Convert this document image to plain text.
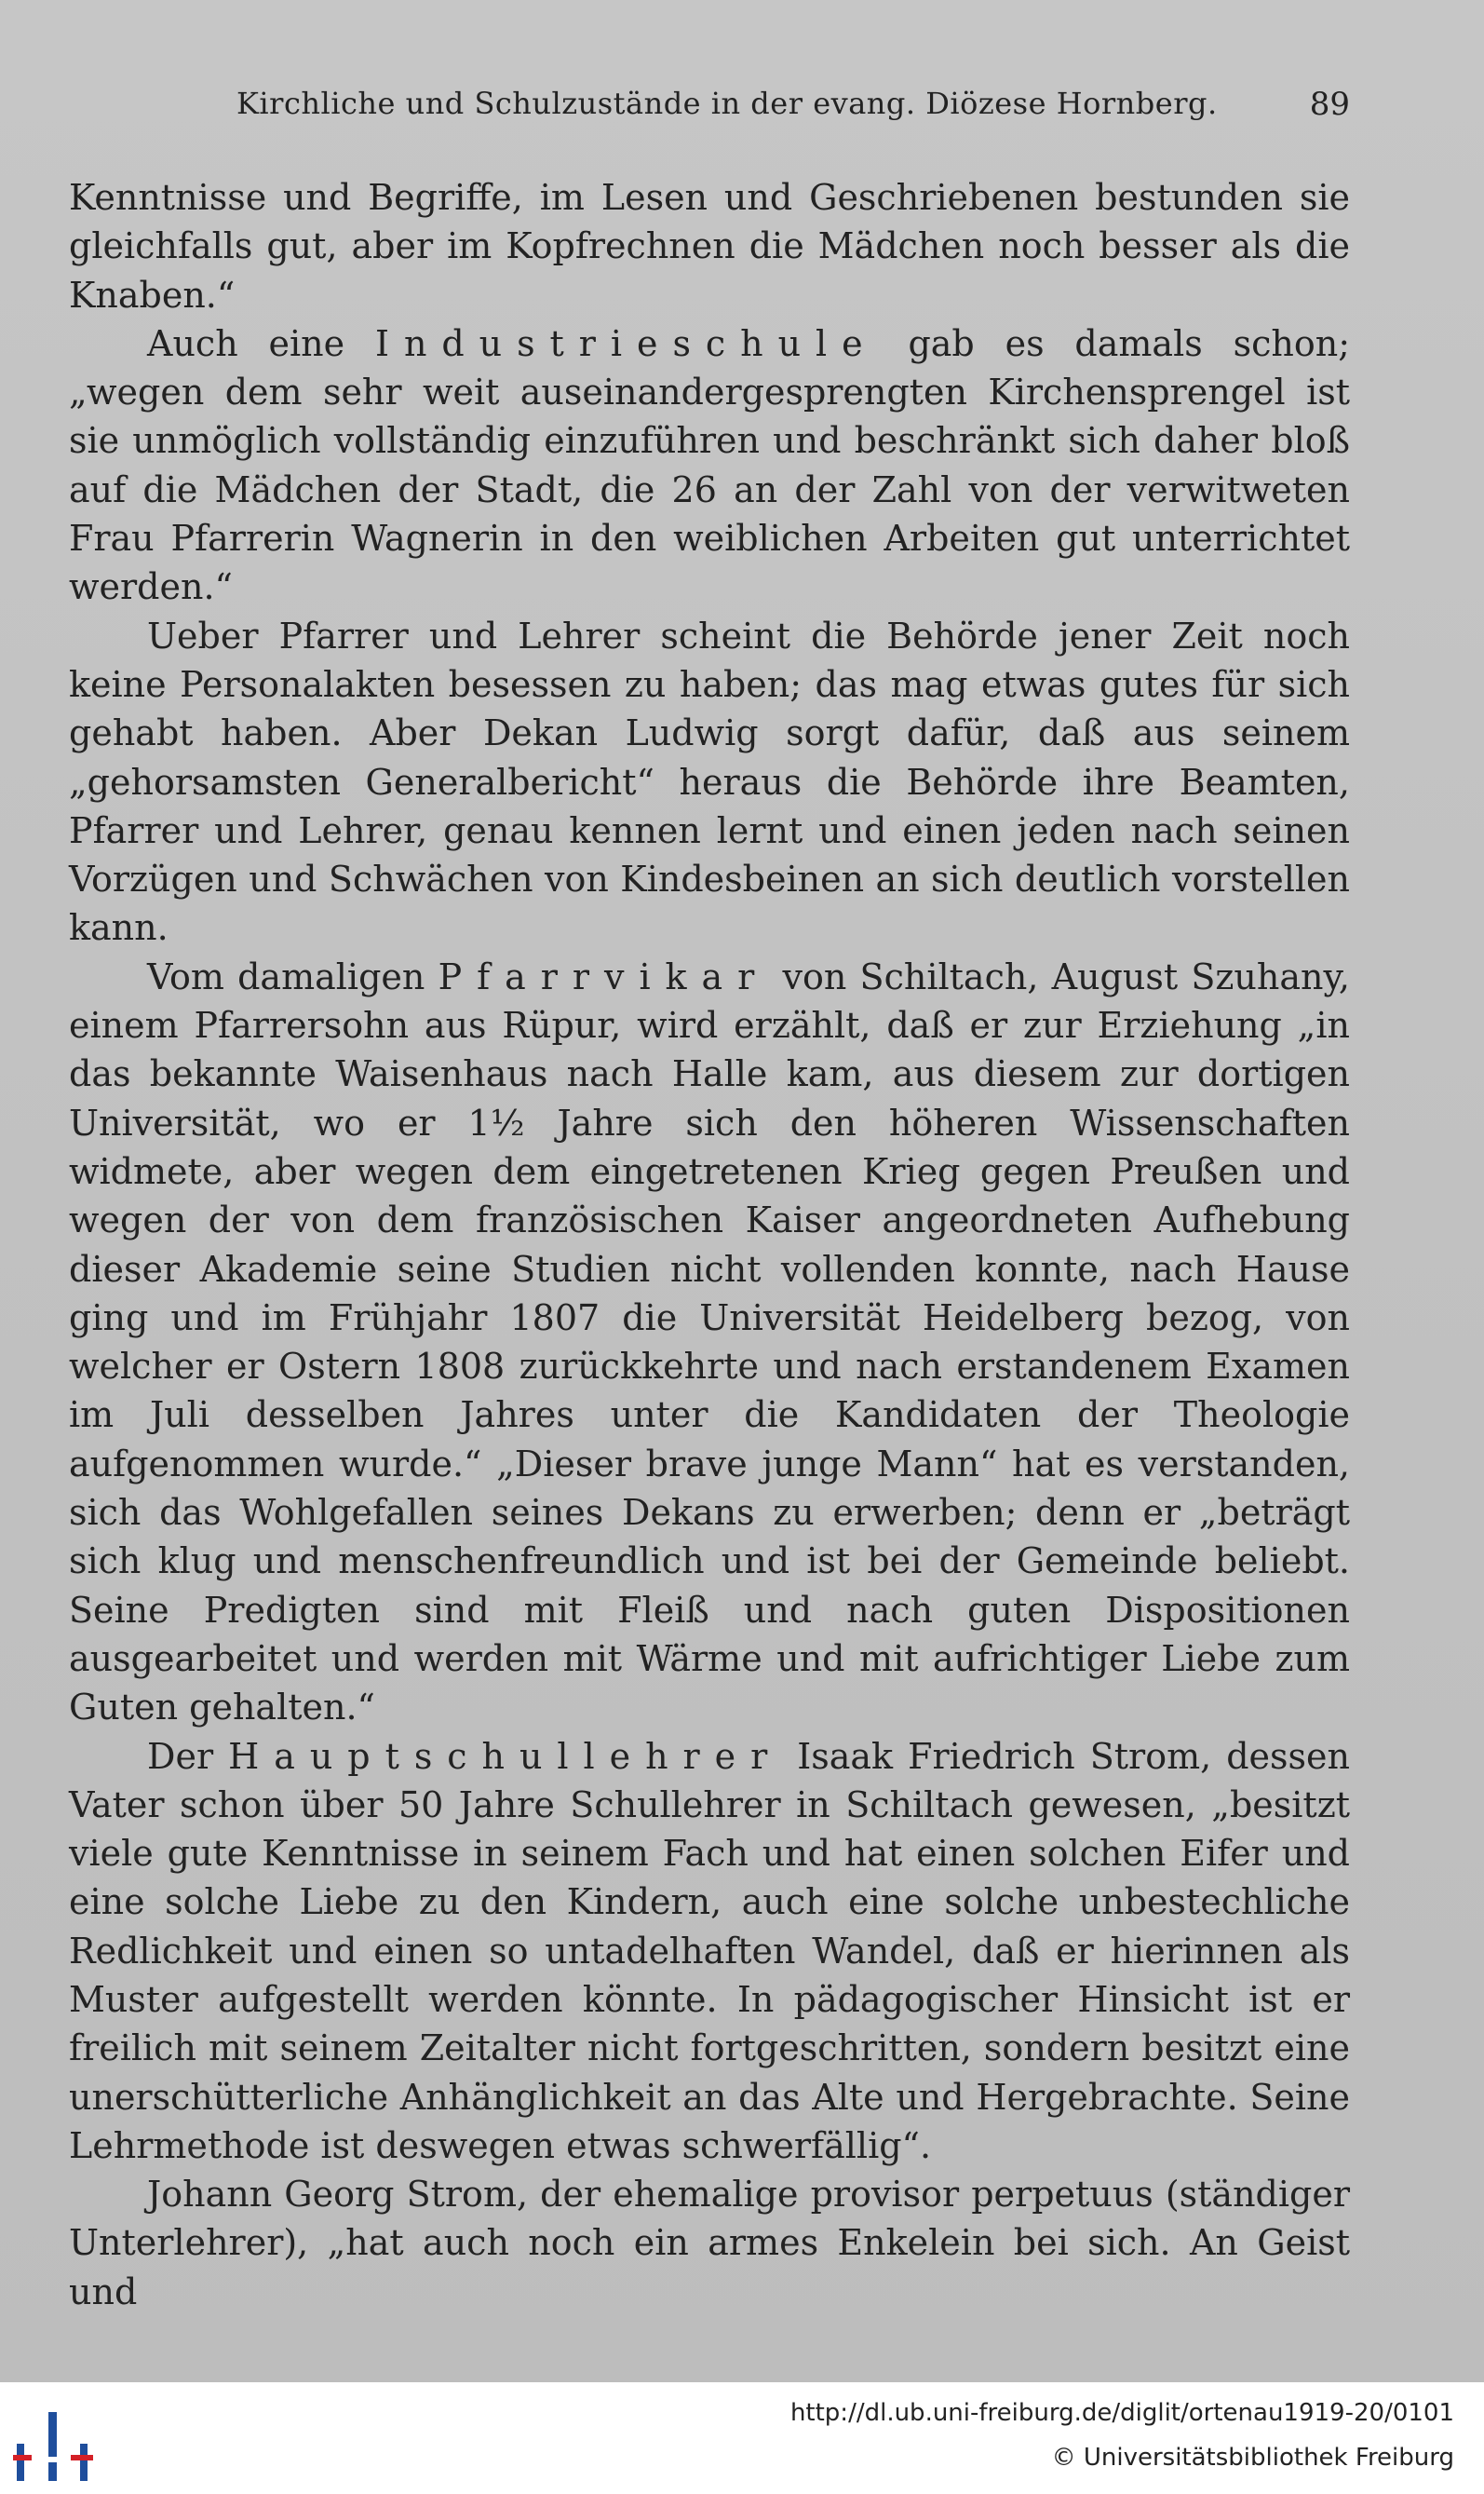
Kirchliche und Schulzustände in der evang. Diözese Hornberg.	89

Kenntnisse und Begriffe, im Lesen und Geschriebenen bestunden sie gleichfalls gut, aber im Kopfrechnen die Mädchen noch besser als die Knaben.“

Auch eine Industrieschule gab es damals schon; „wegen dem sehr weit auseinandergesprengten Kirchensprengel ist sie unmöglich vollständig einzuführen und beschränkt sich daher bloß auf die Mädchen der Stadt, die 26 an der Zahl von der verwitweten Frau Pfarrerin Wagnerin in den weiblichen Arbeiten gut unterrichtet werden.“

Ueber Pfarrer und Lehrer scheint die Behörde jener Zeit noch keine Personalakten besessen zu haben; das mag etwas gutes für sich gehabt haben. Aber Dekan Ludwig sorgt dafür, daß aus seinem „gehorsamsten Generalbericht“ heraus die Behörde ihre Beamten, Pfarrer und Lehrer, genau kennen lernt und einen jeden nach seinen Vorzügen und Schwächen von Kindesbeinen an sich deutlich vorstellen kann.

Vom damaligen Pfarrvikar von Schiltach, August Szuhany, einem Pfarrersohn aus Rüpur, wird erzählt, daß er zur Erziehung „in das bekannte Waisenhaus nach Halle kam, aus diesem zur dortigen Universität, wo er 1½ Jahre sich den höheren Wissenschaften widmete, aber wegen dem eingetretenen Krieg gegen Preußen und wegen der von dem französischen Kaiser angeordneten Aufhebung dieser Akademie seine Studien nicht vollenden konnte, nach Hause ging und im Frühjahr 1807 die Universität Heidelberg bezog, von welcher er Ostern 1808 zurückkehrte und nach erstandenem Examen im Juli desselben Jahres unter die Kandidaten der Theologie aufgenommen wurde.“ „Dieser brave junge Mann“ hat es verstanden, sich das Wohlgefallen seines Dekans zu erwerben; denn er „beträgt sich klug und menschenfreundlich und ist bei der Gemeinde beliebt. Seine Predigten sind mit Fleiß und nach guten Dispositionen ausgearbeitet und werden mit Wärme und mit aufrichtiger Liebe zum Guten gehalten.“

Der Hauptschullehrer Isaak Friedrich Strom, dessen Vater schon über 50 Jahre Schullehrer in Schiltach gewesen, „besitzt viele gute Kenntnisse in seinem Fach und hat einen solchen Eifer und eine solche Liebe zu den Kindern, auch eine solche unbestechliche Redlichkeit und einen so untadelhaften Wandel, daß er hierinnen als Muster aufgestellt werden könnte. In pädagogischer Hinsicht ist er freilich mit seinem Zeitalter nicht fortgeschritten, sondern besitzt eine unerschütterliche Anhänglichkeit an das Alte und Hergebrachte. Seine Lehrmethode ist deswegen etwas schwerfällig“.

Johann Georg Strom, der ehemalige provisor perpetuus (ständiger Unterlehrer), „hat auch noch ein armes Enkelein bei sich. An Geist und

http://dl.ub.uni-freiburg.de/diglit/ortenau1919-20/0101
© Universitätsbibliothek Freiburg
